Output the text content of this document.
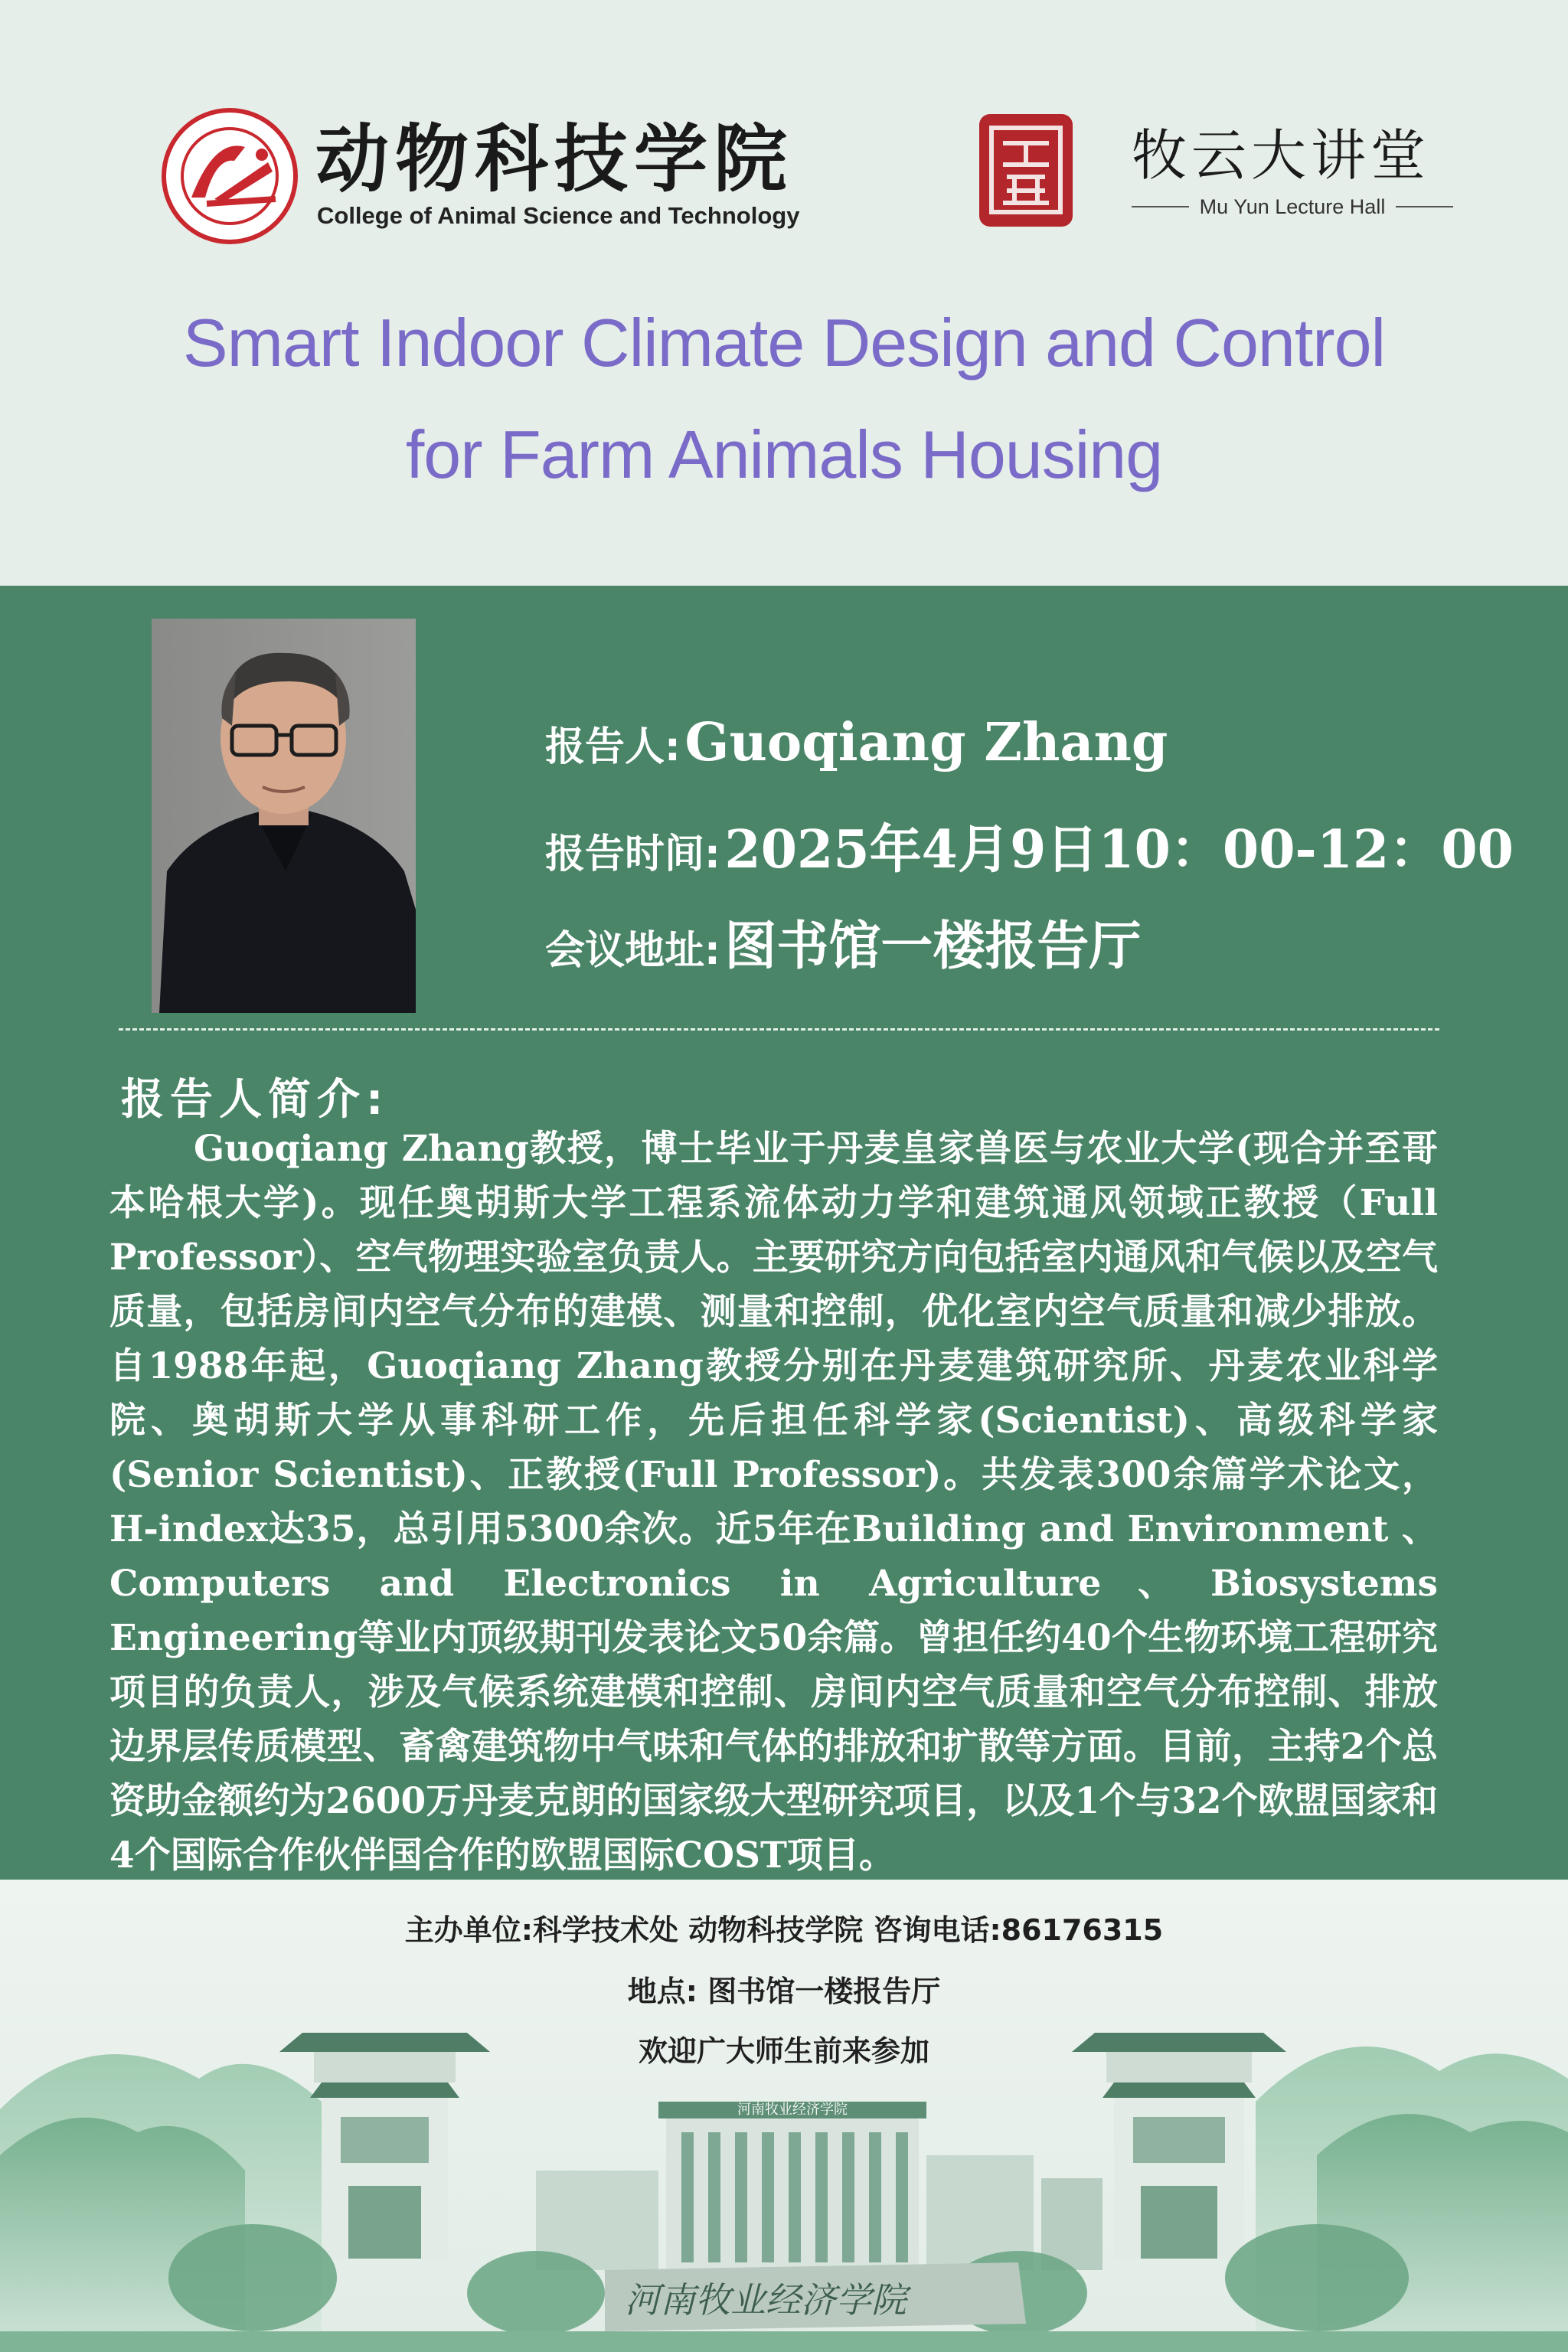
动物科技学院
College of Animal Science and Technology
牧云大讲堂
Mu Yun Lecture Hall
Smart Indoor Climate Design and Control
for Farm Animals Housing
报告人: Guoqiang Zhang
报告时间: 2025年4月9日10：00-12：00
会议地址: 图书馆一楼报告厅
报告人简介:

Guoqiang Zhang教授，博士毕业于丹麦皇家兽医与农业大学(现合并至哥本哈根大学)。现任奥胡斯大学工程系流体动力学和建筑通风领域正教授（Full Professor）、空气物理实验室负责人。主要研究方向包括室内通风和气候以及空气质量，包括房间内空气分布的建模、测量和控制，优化室内空气质量和减少排放。自1988年起，Guoqiang Zhang教授分别在丹麦建筑研究所、丹麦农业科学院、奥胡斯大学从事科研工作，先后担任科学家(Scientist)、高级科学家(Senior Scientist)、正教授(Full Professor)。共发表300余篇学术论文，H-index达35，总引用5300余次。近5年在Building and Environment 、Computers and Electronics in Agriculture、Biosystems Engineering等业内顶级期刊发表论文50余篇。曾担任约40个生物环境工程研究项目的负责人，涉及气候系统建模和控制、房间内空气质量和空气分布控制、排放边界层传质模型、畜禽建筑物中气味和气体的排放和扩散等方面。目前，主持2个总资助金额约为2600万丹麦克朗的国家级大型研究项目，以及1个与32个欧盟国家和4个国际合作伙伴国合作的欧盟国际COST项目。

河南牧业经济学院
河南牧业经济学院
主办单位:科学技术处 动物科技学院 咨询电话:86176315
地点: 图书馆一楼报告厅
欢迎广大师生前来参加
